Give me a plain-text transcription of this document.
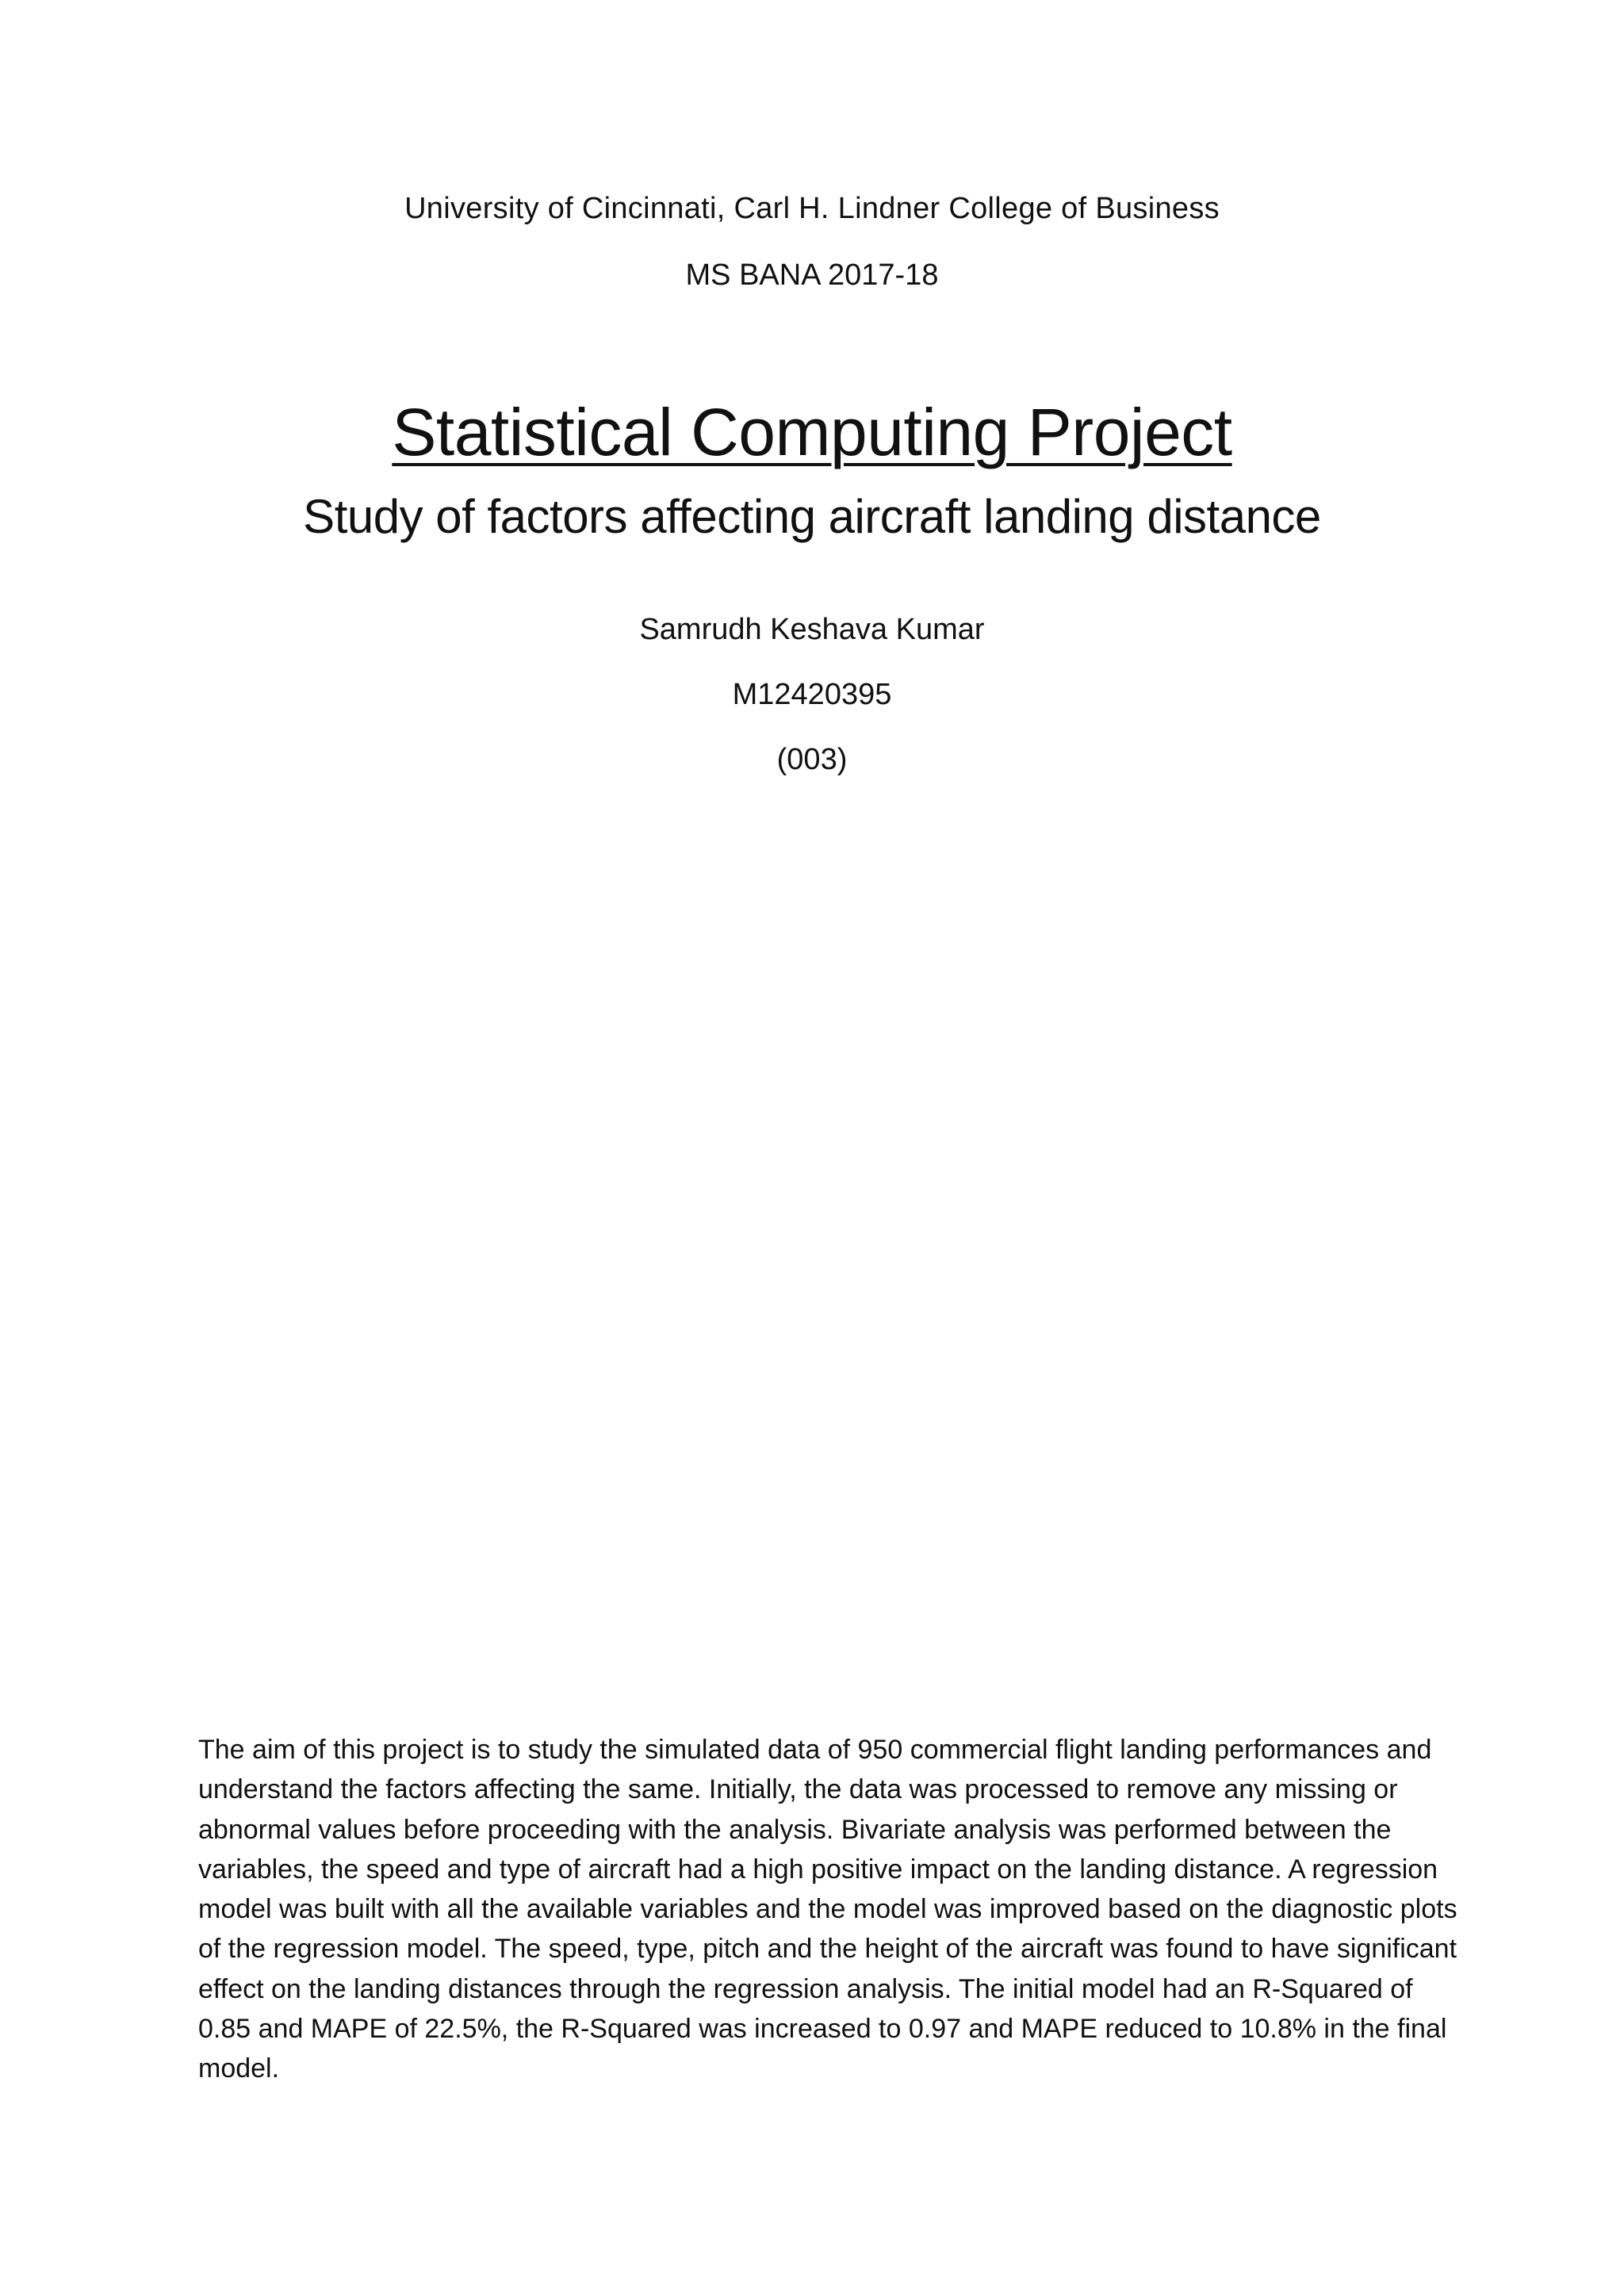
University of Cincinnati, Carl H. Lindner College of Business
MS BANA 2017-18
Statistical Computing Project
Study of factors affecting aircraft landing distance
Samrudh Keshava Kumar
M12420395
(003)
The aim of this project is to study the simulated data of 950 commercial flight landing performances and understand the factors affecting the same. Initially, the data was processed to remove any missing or abnormal values before proceeding with the analysis. Bivariate analysis was performed between the variables, the speed and type of aircraft had a high positive impact on the landing distance. A regression model was built with all the available variables and the model was improved based on the diagnostic plots of the regression model. The speed, type, pitch and the height of the aircraft was found to have significant effect on the landing distances through the regression analysis. The initial model had an R-Squared of 0.85 and MAPE of 22.5%, the R-Squared was increased to 0.97 and MAPE reduced to 10.8% in the final model.
